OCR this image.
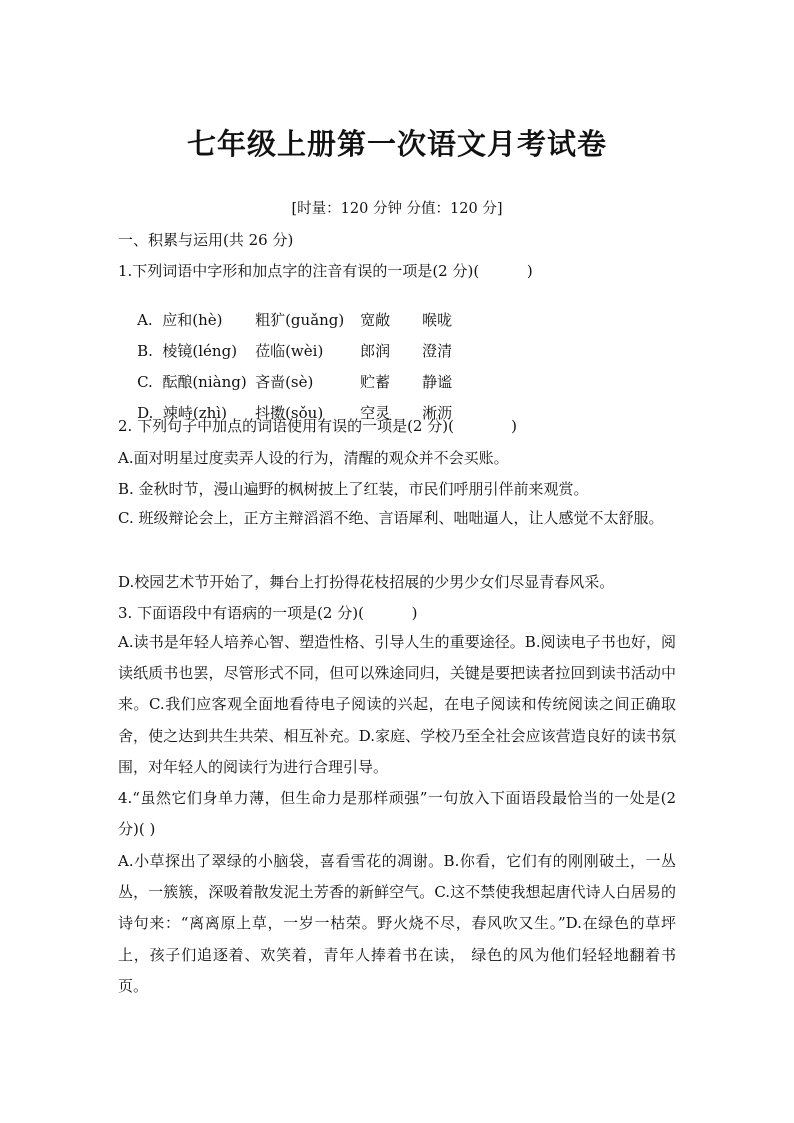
七年级上册第一次语文月考试卷
[时量：120 分钟 分值：120 分]
一、积累与运用(共 26 分)
1.下列词语中字形和加点字的注音有误的一项是(2 分)(          )

A.  应和(hè) 粗犷(guǎng) 宽敞 喉咙

B.  棱镜(léng) 莅临(wèi) 郎润 澄清

C.  酝酿(niàng) 吝啬(sè)	贮蓄 静谧

D.  竦峙(zhì) 抖擞(sǒu) 空灵 淅沥

2. 下列句子中加点的词语使用有误的一项是(2 分)(            )
A.面对明星过度卖弄人设的行为，清醒的观众并不会买账。
B. 金秋时节，漫山遍野的枫树披上了红装，市民们呼朋引伴前来观赏。
C. 班级辩论会上，正方主辩滔滔不绝、言语犀利、咄咄逼人，让人感觉不太舒服。
D.校园艺术节开始了，舞台上打扮得花枝招展的少男少女们尽显青春风采。
3. 下面语段中有语病的一项是(2 分)(          )
A.读书是年轻人培养心智、塑造性格、引导人生的重要途径。B.阅读电子书也好，阅读纸质书也罢，尽管形式不同，但可以殊途同归，关键是要把读者拉回到读书活动中来。C.我们应客观全面地看待电子阅读的兴起，在电子阅读和传统阅读之间正确取舍，使之达到共生共荣、相互补充。D.家庭、学校乃至全社会应该营造良好的读书氛围，对年轻人的阅读行为进行合理引导。
4.“虽然它们身单力薄，但生命力是那样顽强”一句放入下面语段最恰当的一处是(2 分)( )
A.小草探出了翠绿的小脑袋，喜看雪花的凋谢。B.你看，它们有的刚刚破土，一丛丛，一簇簇，深吸着散发泥土芳香的新鲜空气。C.这不禁使我想起唐代诗人白居易的诗句来：“离离原上草，一岁一枯荣。野火烧不尽，春风吹又生。”D.在绿色的草坪上，孩子们追逐着、欢笑着，青年人捧着书在读， 绿色的风为他们轻轻地翻着书页。
